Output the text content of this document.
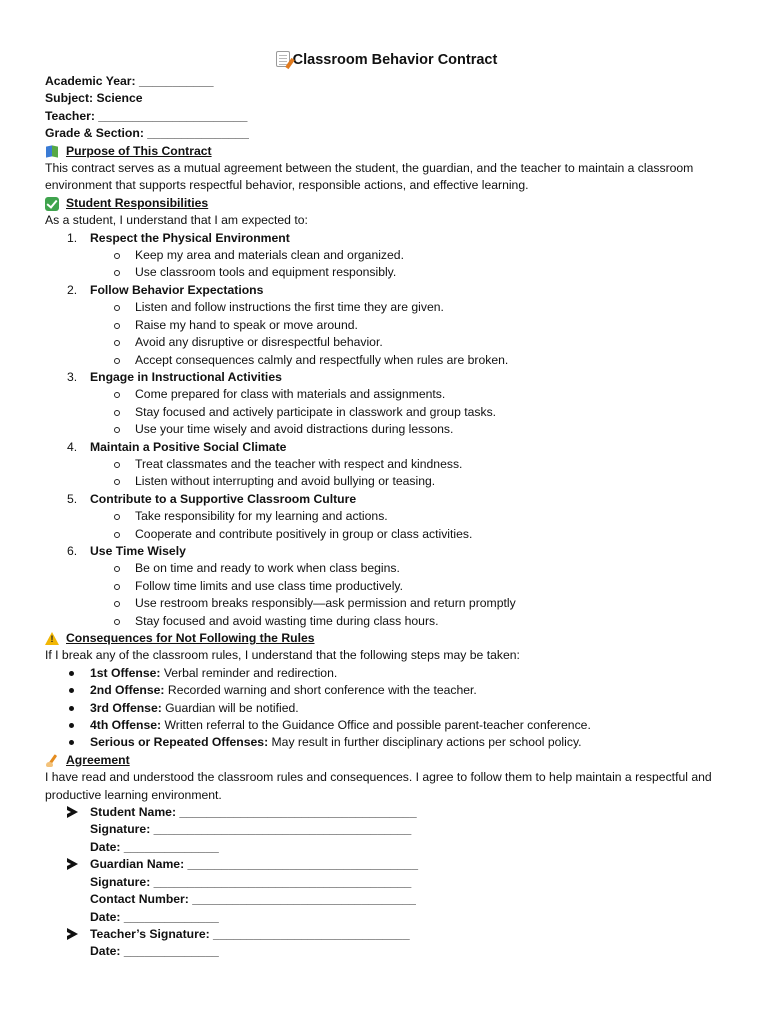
Classroom Behavior Contract
Academic Year: ___________
Subject: Science
Teacher: ______________________
Grade & Section: _______________
Purpose of This Contract

This contract serves as a mutual agreement between the student, the guardian, and the teacher to maintain a classroom environment that supports respectful behavior, responsible actions, and effective learning.

Student Responsibilities

As a student, I understand that I am expected to:

1. Respect the Physical Environment
Keep my area and materials clean and organized.
Use classroom tools and equipment responsibly.
2. Follow Behavior Expectations
Listen and follow instructions the first time they are given.
Raise my hand to speak or move around.
Avoid any disruptive or disrespectful behavior.
Accept consequences calmly and respectfully when rules are broken.
3. Engage in Instructional Activities
Come prepared for class with materials and assignments.
Stay focused and actively participate in classwork and group tasks.
Use your time wisely and avoid distractions during lessons.
4. Maintain a Positive Social Climate
Treat classmates and the teacher with respect and kindness.
Listen without interrupting and avoid bullying or teasing.
5. Contribute to a Supportive Classroom Culture
Take responsibility for my learning and actions.
Cooperate and contribute positively in group or class activities.
6. Use Time Wisely
Be on time and ready to work when class begins.
Follow time limits and use class time productively.
Use restroom breaks responsibly—ask permission and return promptly
Stay focused and avoid wasting time during class hours.
!
Consequences for Not Following the Rules

If I break any of the classroom rules, I understand that the following steps may be taken:

1st Offense: Verbal reminder and redirection.
2nd Offense: Recorded warning and short conference with the teacher.
3rd Offense: Guardian will be notified.
4th Offense: Written referral to the Guidance Office and possible parent-teacher conference.
Serious or Repeated Offenses: May result in further disciplinary actions per school policy.
Agreement

I have read and understood the classroom rules and consequences. I agree to follow them to help maintain a respectful and productive learning environment.

Student Name: ___________________________________
Signature: ______________________________________
Date: ______________
Guardian Name: __________________________________
Signature: ______________________________________
Contact Number: _________________________________
Date: ______________
Teacher’s Signature: _____________________________
Date: ______________
